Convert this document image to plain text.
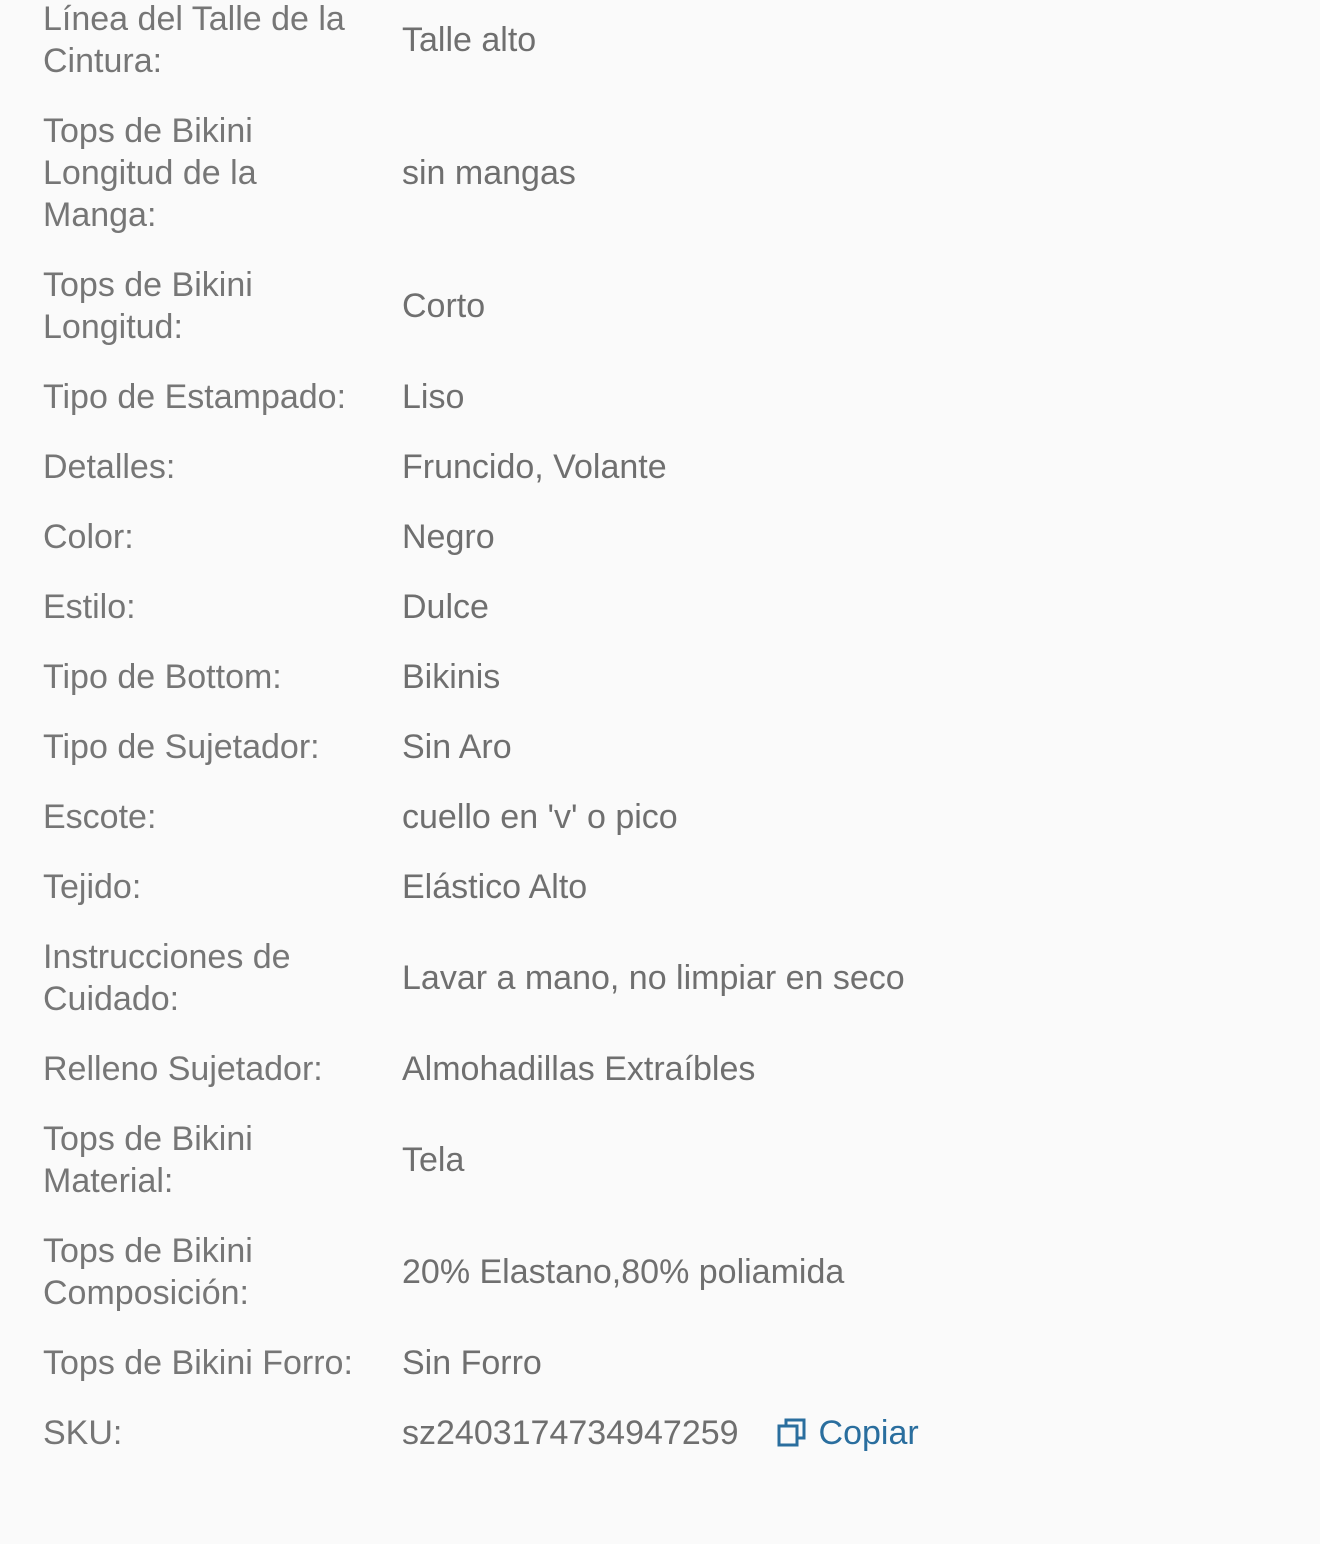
Línea del Talle de la Cintura:
Talle alto
Tops de Bikini Longitud de la Manga:
sin mangas
Tops de Bikini Longitud:
Corto
Tipo de Estampado:	Liso
Detalles:	Fruncido, Volante
Color:	Negro
Estilo:	Dulce
Tipo de Bottom:	Bikinis
Tipo de Sujetador:	Sin Aro
Escote:	cuello en 'v' o pico
Tejido:	Elástico Alto
Instrucciones de Cuidado:
Lavar a mano, no limpiar en seco
Relleno Sujetador:	Almohadillas Extraíbles
Tops de Bikini Material:
Tela
Tops de Bikini Composición:
20% Elastano,80% poliamida
Tops de Bikini Forro: Sin Forro
SKU:	sz2403174734947259 Copiar
